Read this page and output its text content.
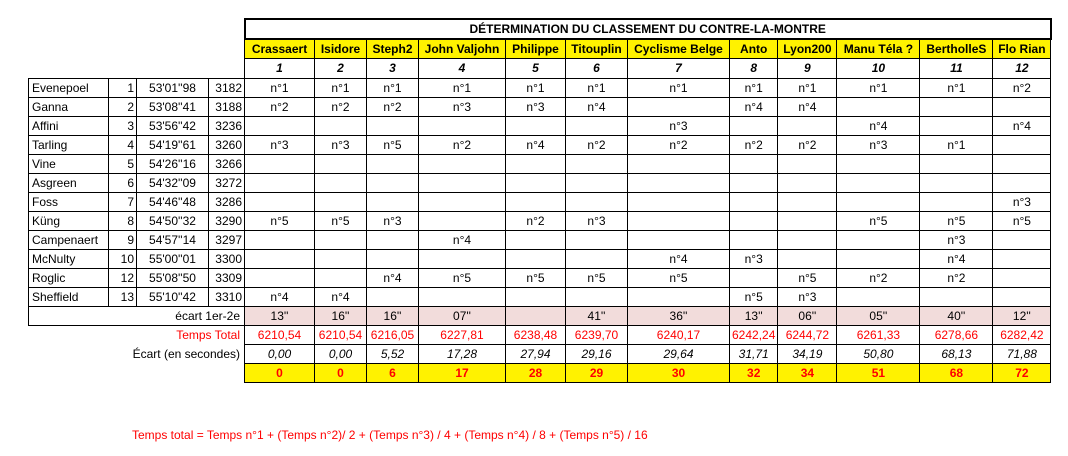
				DÉTERMINATION DU CLASSEMENT DU CONTRE-LA-MONTRE											
				Crassaert	Isidore	Steph2	John Valjohn	Philippe	Titouplin	Cyclisme Belge	Anto	Lyon200	Manu Téla ?	BertholleS	Flo Rian
				1	2	3	4	5	6	7	8	9	10	11	12
Evenepoel	1	53'01''98	3182	n°1	n°1	n°1	n°1	n°1	n°1	n°1	n°1	n°1	n°1	n°1	n°2
Ganna	2	53'08''41	3188	n°2	n°2	n°2	n°3	n°3	n°4		n°4	n°4			
Affini	3	53'56''42	3236							n°3			n°4		n°4
Tarling	4	54'19''61	3260	n°3	n°3	n°5	n°2	n°4	n°2	n°2	n°2	n°2	n°3	n°1	
Vine	5	54'26''16	3266												
Asgreen	6	54'32''09	3272												
Foss	7	54'46''48	3286												n°3
Küng	8	54'50''32	3290	n°5	n°5	n°3		n°2	n°3				n°5	n°5	n°5
Campenaert	9	54'57''14	3297				n°4							n°3	
McNulty	10	55'00''01	3300							n°4	n°3			n°4	
Roglic	12	55'08''50	3309			n°4	n°5	n°5	n°5	n°5		n°5	n°2	n°2	
Sheffield	13	55'10''42	3310	n°4	n°4						n°5	n°3			
écart 1er-2e				13''	16''	16''	07''		41''	36''	13''	06''	05''	40''	12''
Temps Total				6210,54	6210,54	6216,05	6227,81	6238,48	6239,70	6240,17	6242,24	6244,72	6261,33	6278,66	6282,42
Écart (en secondes)				0,00	0,00	5,52	17,28	27,94	29,16	29,64	31,71	34,19	50,80	68,13	71,88
				0	0	6	17	28	29	30	32	34	51	68	72
Temps total = Temps n°1 + (Temps n°2)/ 2 + (Temps n°3) / 4 + (Temps n°4) / 8 + (Temps n°5) / 16
